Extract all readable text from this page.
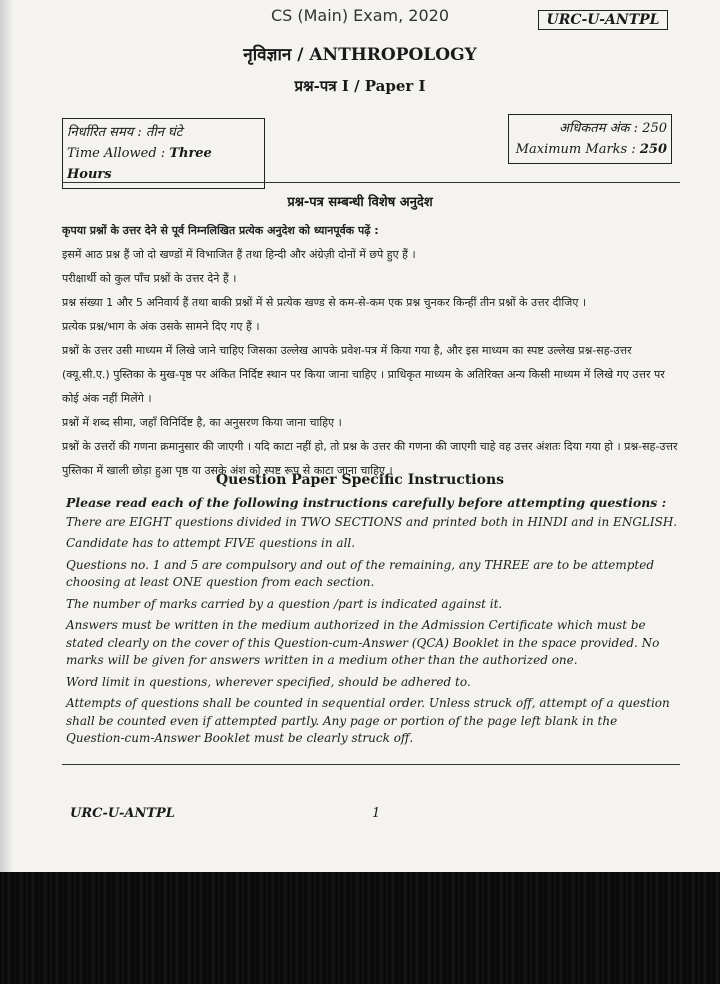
CS (Main) Exam, 2020	URC-U-ANTPL
नृविज्ञान / ANTHROPOLOGY
प्रश्न-पत्र I / Paper I
निर्धारित समय : तीन घंटे
Time Allowed : Three Hours
अधिकतम अंक : 250
Maximum Marks : 250
प्रश्न-पत्र सम्बन्धी विशेष अनुदेश

कृपया प्रश्नों के उत्तर देने से पूर्व निम्नलिखित प्रत्येक अनुदेश को ध्यानपूर्वक पढ़ें :

इसमें आठ प्रश्न हैं जो दो खण्डों में विभाजित हैं तथा हिन्दी और अंग्रेज़ी दोनों में छपे हुए हैं ।

परीक्षार्थी को कुल पाँच प्रश्नों के उत्तर देने हैं ।

प्रश्न संख्या 1 और 5 अनिवार्य हैं तथा बाकी प्रश्नों में से प्रत्येक खण्ड से कम-से-कम एक प्रश्न चुनकर किन्हीं तीन प्रश्नों के उत्तर दीजिए ।

प्रत्येक प्रश्न/भाग के अंक उसके सामने दिए गए हैं ।

प्रश्नों के उत्तर उसी माध्यम में लिखे जाने चाहिए जिसका उल्लेख आपके प्रवेश-पत्र में किया गया है, और इस माध्यम का स्पष्ट उल्लेख प्रश्न-सह-उत्तर (क्यू.सी.ए.) पुस्तिका के मुख-पृष्ठ पर अंकित निर्दिष्ट स्थान पर किया जाना चाहिए । प्राधिकृत माध्यम के अतिरिक्त अन्य किसी माध्यम में लिखे गए उत्तर पर कोई अंक नहीं मिलेंगे ।

प्रश्नों में शब्द सीमा, जहाँ विनिर्दिष्ट है, का अनुसरण किया जाना चाहिए ।

प्रश्नों के उत्तरों की गणना क्रमानुसार की जाएगी । यदि काटा नहीं हो, तो प्रश्न के उत्तर की गणना की जाएगी चाहे वह उत्तर अंशतः दिया गया हो । प्रश्न-सह-उत्तर पुस्तिका में खाली छोड़ा हुआ पृष्ठ या उसके अंश को स्पष्ट रूप से काटा जाना चाहिए ।

Question Paper Specific Instructions

Please read each of the following instructions carefully before attempting questions :

There are EIGHT questions divided in TWO SECTIONS and printed both in HINDI and in ENGLISH.

Candidate has to attempt FIVE questions in all.

Questions no. 1 and 5 are compulsory and out of the remaining, any THREE are to be attempted choosing at least ONE question from each section.

The number of marks carried by a question /part is indicated against it.

Answers must be written in the medium authorized in the Admission Certificate which must be stated clearly on the cover of this Question-cum-Answer (QCA) Booklet in the space provided. No marks will be given for answers written in a medium other than the authorized one.

Word limit in questions, wherever specified, should be adhered to.

Attempts of questions shall be counted in sequential order. Unless struck off, attempt of a question shall be counted even if attempted partly. Any page or portion of the page left blank in the Question-cum-Answer Booklet must be clearly struck off.

URC-U-ANTPL	1
